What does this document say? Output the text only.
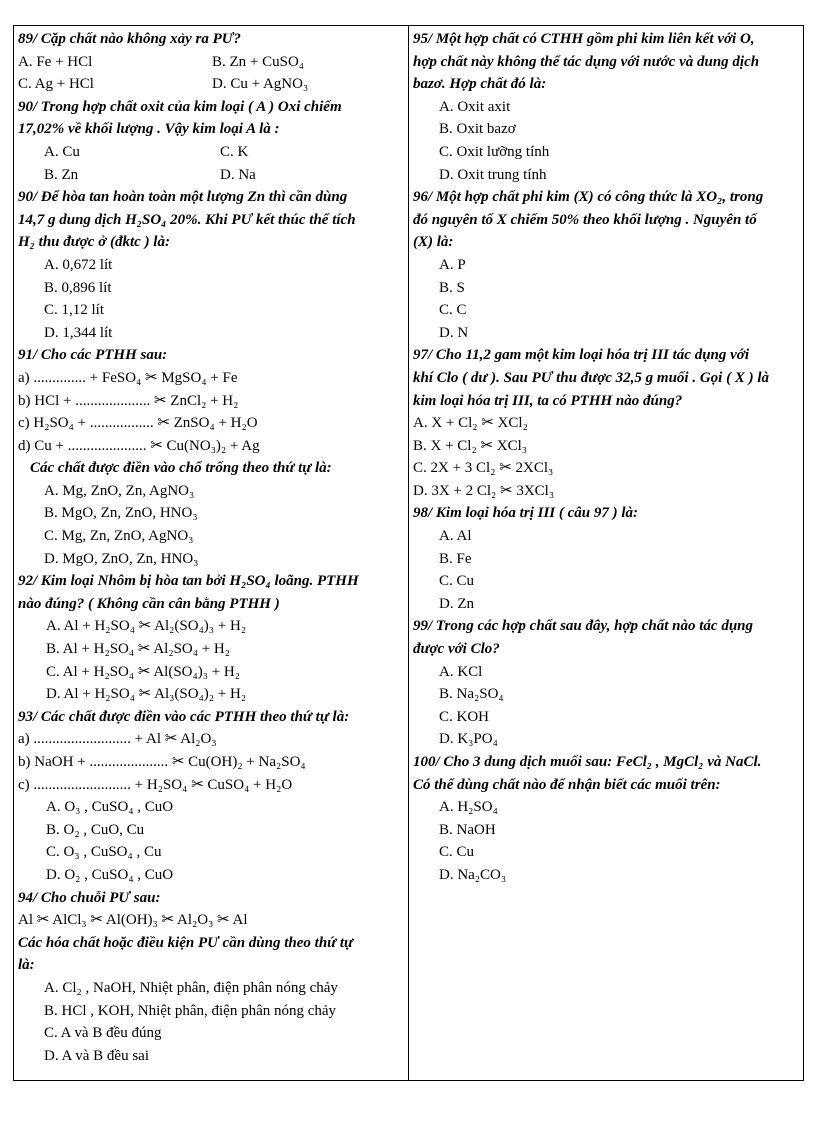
89/ Cặp chất nào không xảy ra PƯ?
A. Fe + HCl	B. Zn + CuSO₄
C. Ag + HCl	D. Cu + AgNO₃
90/ Trong hợp chất oxit của kim loại ( A ) Oxi chiếm
17,02% về khối lượng . Vậy kim loại A là :
A. Cu	C. K
B. Zn	D. Na
90/ Để hòa tan hoàn toàn một lượng Zn thì cần dùng
14,7 g dung dịch H₂SO₄ 20%. Khi PƯ kết thúc thể tích
H₂ thu được ở (đktc ) là:
A. 0,672 lít
B. 0,896 lít
C. 1,12 lít
D. 1,344 lít
91/ Cho các PTHH sau:
a) .............. + FeSO₄ ✂ MgSO₄ + Fe
b) HCl + .................... ✂ ZnCl₂ + H₂
c) H₂SO₄ + ................. ✂ ZnSO₄ + H₂O
d) Cu + ..................... ✂ Cu(NO₃)₂ + Ag
Các chất được điền vào chổ trống theo thứ tự là:
A. Mg, ZnO, Zn, AgNO₃
B. MgO, Zn, ZnO, HNO₃
C. Mg, Zn, ZnO, AgNO₃
D. MgO, ZnO, Zn, HNO₃
92/ Kim loại Nhôm bị hòa tan bởi H₂SO₄ loãng. PTHH
nào đúng? ( Không cần cân bằng PTHH )
A. Al + H₂SO₄ ✂ Al₂(SO₄)₃ + H₂
B. Al + H₂SO₄ ✂ Al₂SO₄ + H₂
C. Al + H₂SO₄ ✂ Al(SO₄)₃ + H₂
D. Al + H₂SO₄ ✂ Al₃(SO₄)₂ + H₂
93/ Các chất được điền vào các PTHH theo thứ tự là:
a) .......................... + Al ✂ Al₂O₃
b) NaOH + ..................... ✂ Cu(OH)₂ + Na₂SO₄
c) .......................... + H₂SO₄ ✂ CuSO₄ + H₂O
A. O₃ , CuSO₄ , CuO
B. O₂ , CuO, Cu
C. O₃ , CuSO₄ , Cu
D. O₂ , CuSO₄ , CuO
94/ Cho chuỗi PƯ sau:
Al ✂ AlCl₃ ✂ Al(OH)₃ ✂ Al₂O₃ ✂ Al
Các hóa chất hoặc điều kiện PƯ cần dùng theo thứ tự
là:
A. Cl₂ , NaOH, Nhiệt phân, điện phân nóng chảy
B. HCl , KOH, Nhiệt phân, điện phân nóng chảy
C. A và B đều đúng
D. A và B đều sai
95/ Một hợp chất có CTHH gồm phi kim liên kết với O,
hợp chất này không thể tác dụng với nước và dung dịch
bazơ. Hợp chất đó là:
A. Oxit axit
B. Oxit bazơ
C. Oxit lưỡng tính
D. Oxit trung tính
96/ Một hợp chất phi kim (X) có công thức là XO₂, trong
đó nguyên tố X chiếm 50% theo khối lượng . Nguyên tố
(X) là:
A. P
B. S
C. C
D. N
97/ Cho 11,2 gam một kim loại hóa trị III tác dụng với
khí Clo ( dư ). Sau PƯ thu được 32,5 g muối . Gọi ( X ) là
kim loại hóa trị III, ta có PTHH nào đúng?
A. X + Cl₂ ✂ XCl₂
B. X + Cl₂ ✂ XCl₃
C. 2X + 3 Cl₂ ✂ 2XCl₃
D. 3X + 2 Cl₂ ✂ 3XCl₃
98/ Kim loại hóa trị III ( câu 97 ) là:
A. Al
B. Fe
C. Cu
D. Zn
99/ Trong các hợp chất sau đây, hợp chất nào tác dụng
được với Clo?
A. KCl
B. Na₂SO₄
C. KOH
D. K₃PO₄
100/ Cho 3 dung dịch muối sau: FeCl₂ , MgCl₂ và NaCl.
Có thể dùng chất nào để nhận biết các muối trên:
A. H₂SO₄
B. NaOH
C. Cu
D. Na₂CO₃
